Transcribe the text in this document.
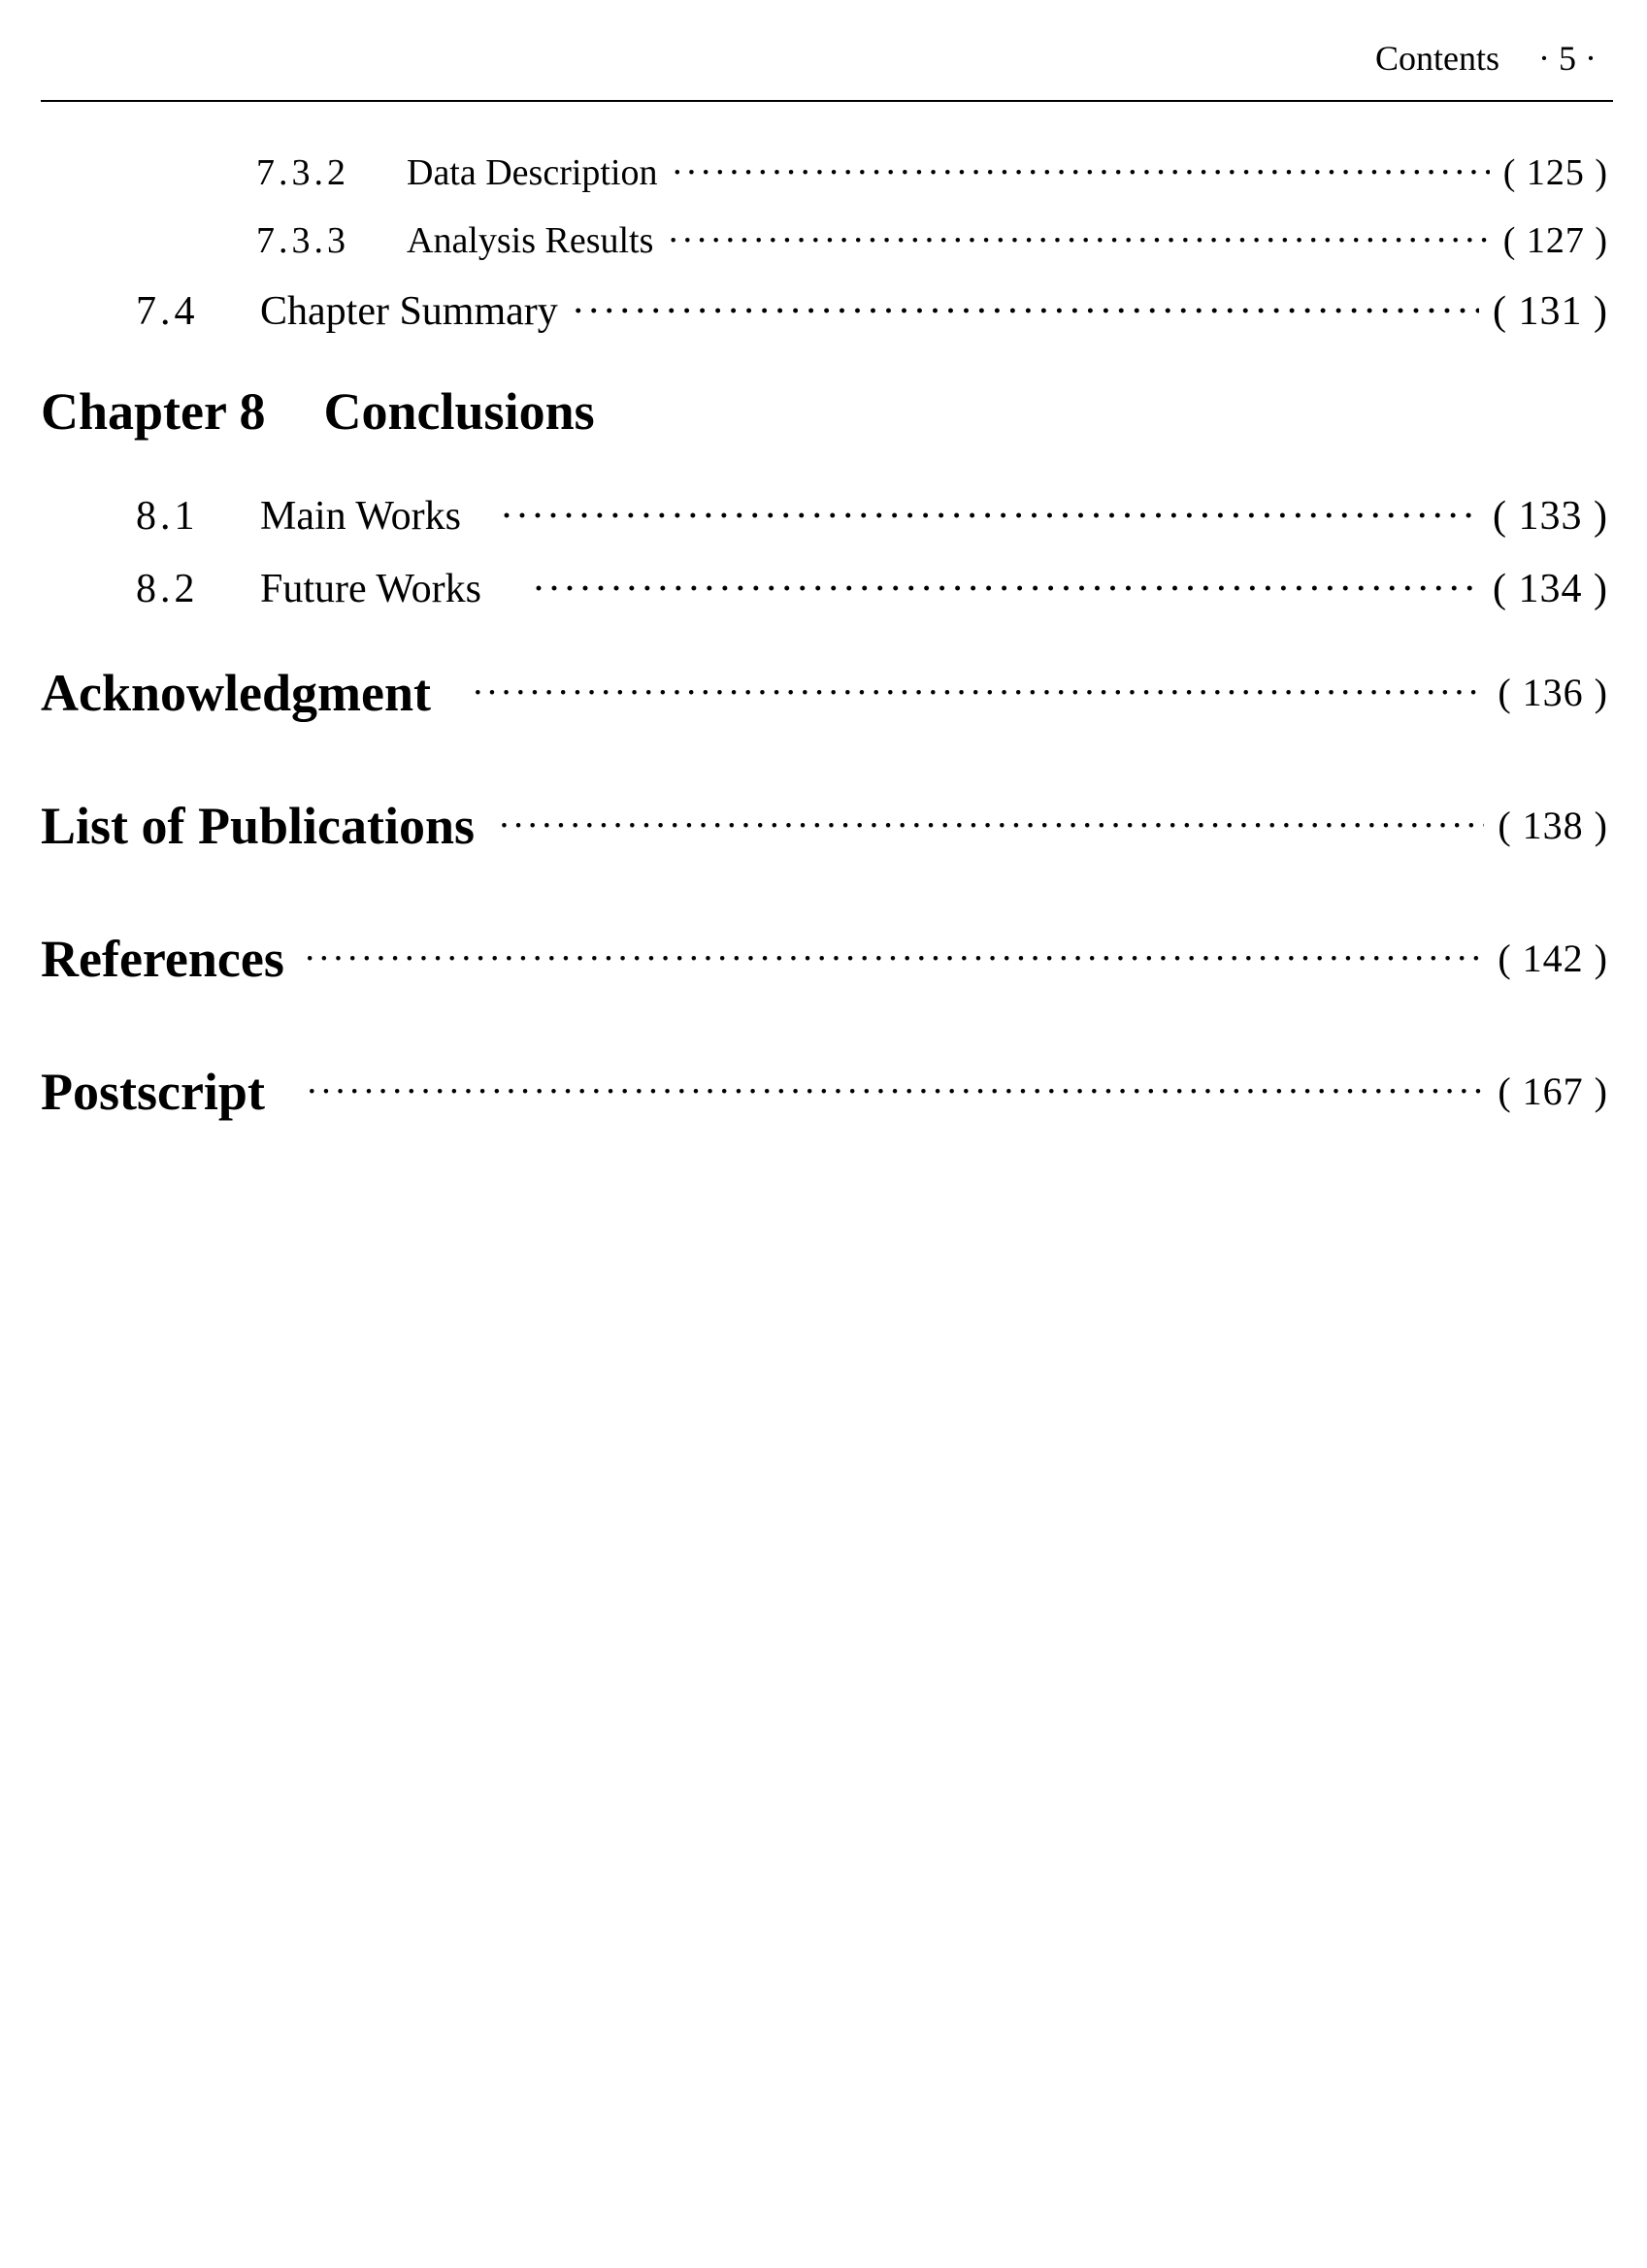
Contents · 5 ·
7.3.2	Data Description ·····	( 125 )
7.3.3	Analysis Results ·····	( 127 )
7.4	Chapter Summary ·····	( 131 )
Chapter 8 Conclusions
8.1	Main Works ·····	( 133 )
8.2	Future Works ·····	( 134 )
Acknowledgment ·····	( 136 )
List of Publications ·····	( 138 )
References ·····	( 142 )
Postscript ·····	( 167 )
